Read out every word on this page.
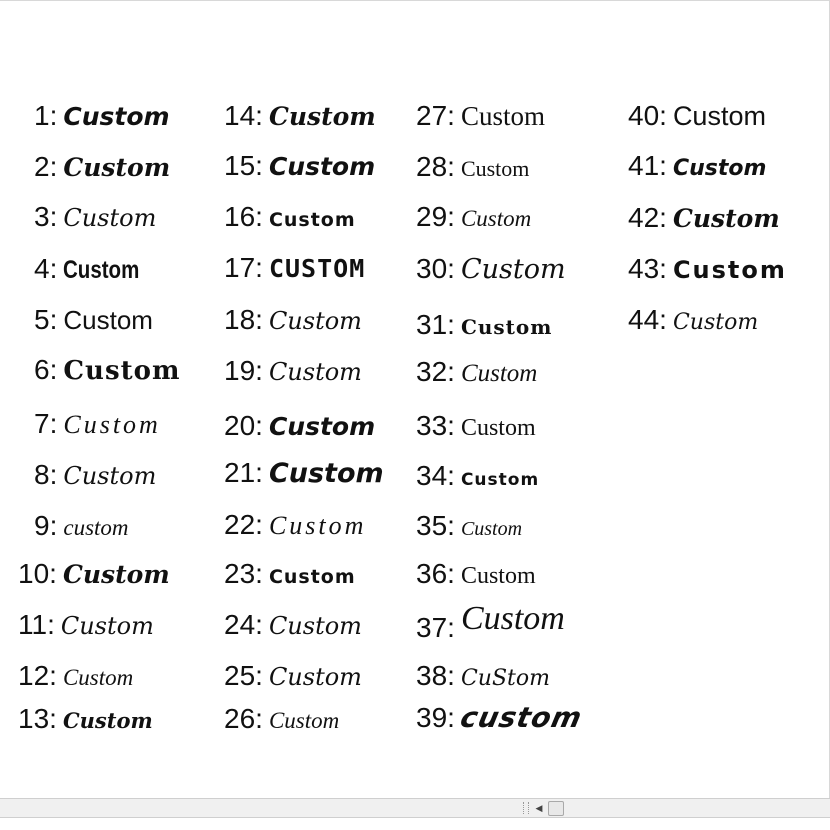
1: Custom
2: Custom
3: Custom
4: Custom
5: Custom
6: Custom
7: Custom
8: Custom
9: custom
10: Custom
11: Custom
12: Custom
13: Custom
14: Custom
15: Custom
16: Custom
17: CUSTOM
18: Custom
19: Custom
20: Custom
21: Custom
22: Custom
23: Custom
24: Custom
25: Custom
26: Custom
27: Custom
28: Custom
29: Custom
30: Custom
31: Custom
32: Custom
33: Custom
34: Custom
35: Custom
36: Custom
37: Custom
38: CuStom
39:custom
40: Custom
41: Custom
42: Custom
43: Custom
44: Custom
◀
